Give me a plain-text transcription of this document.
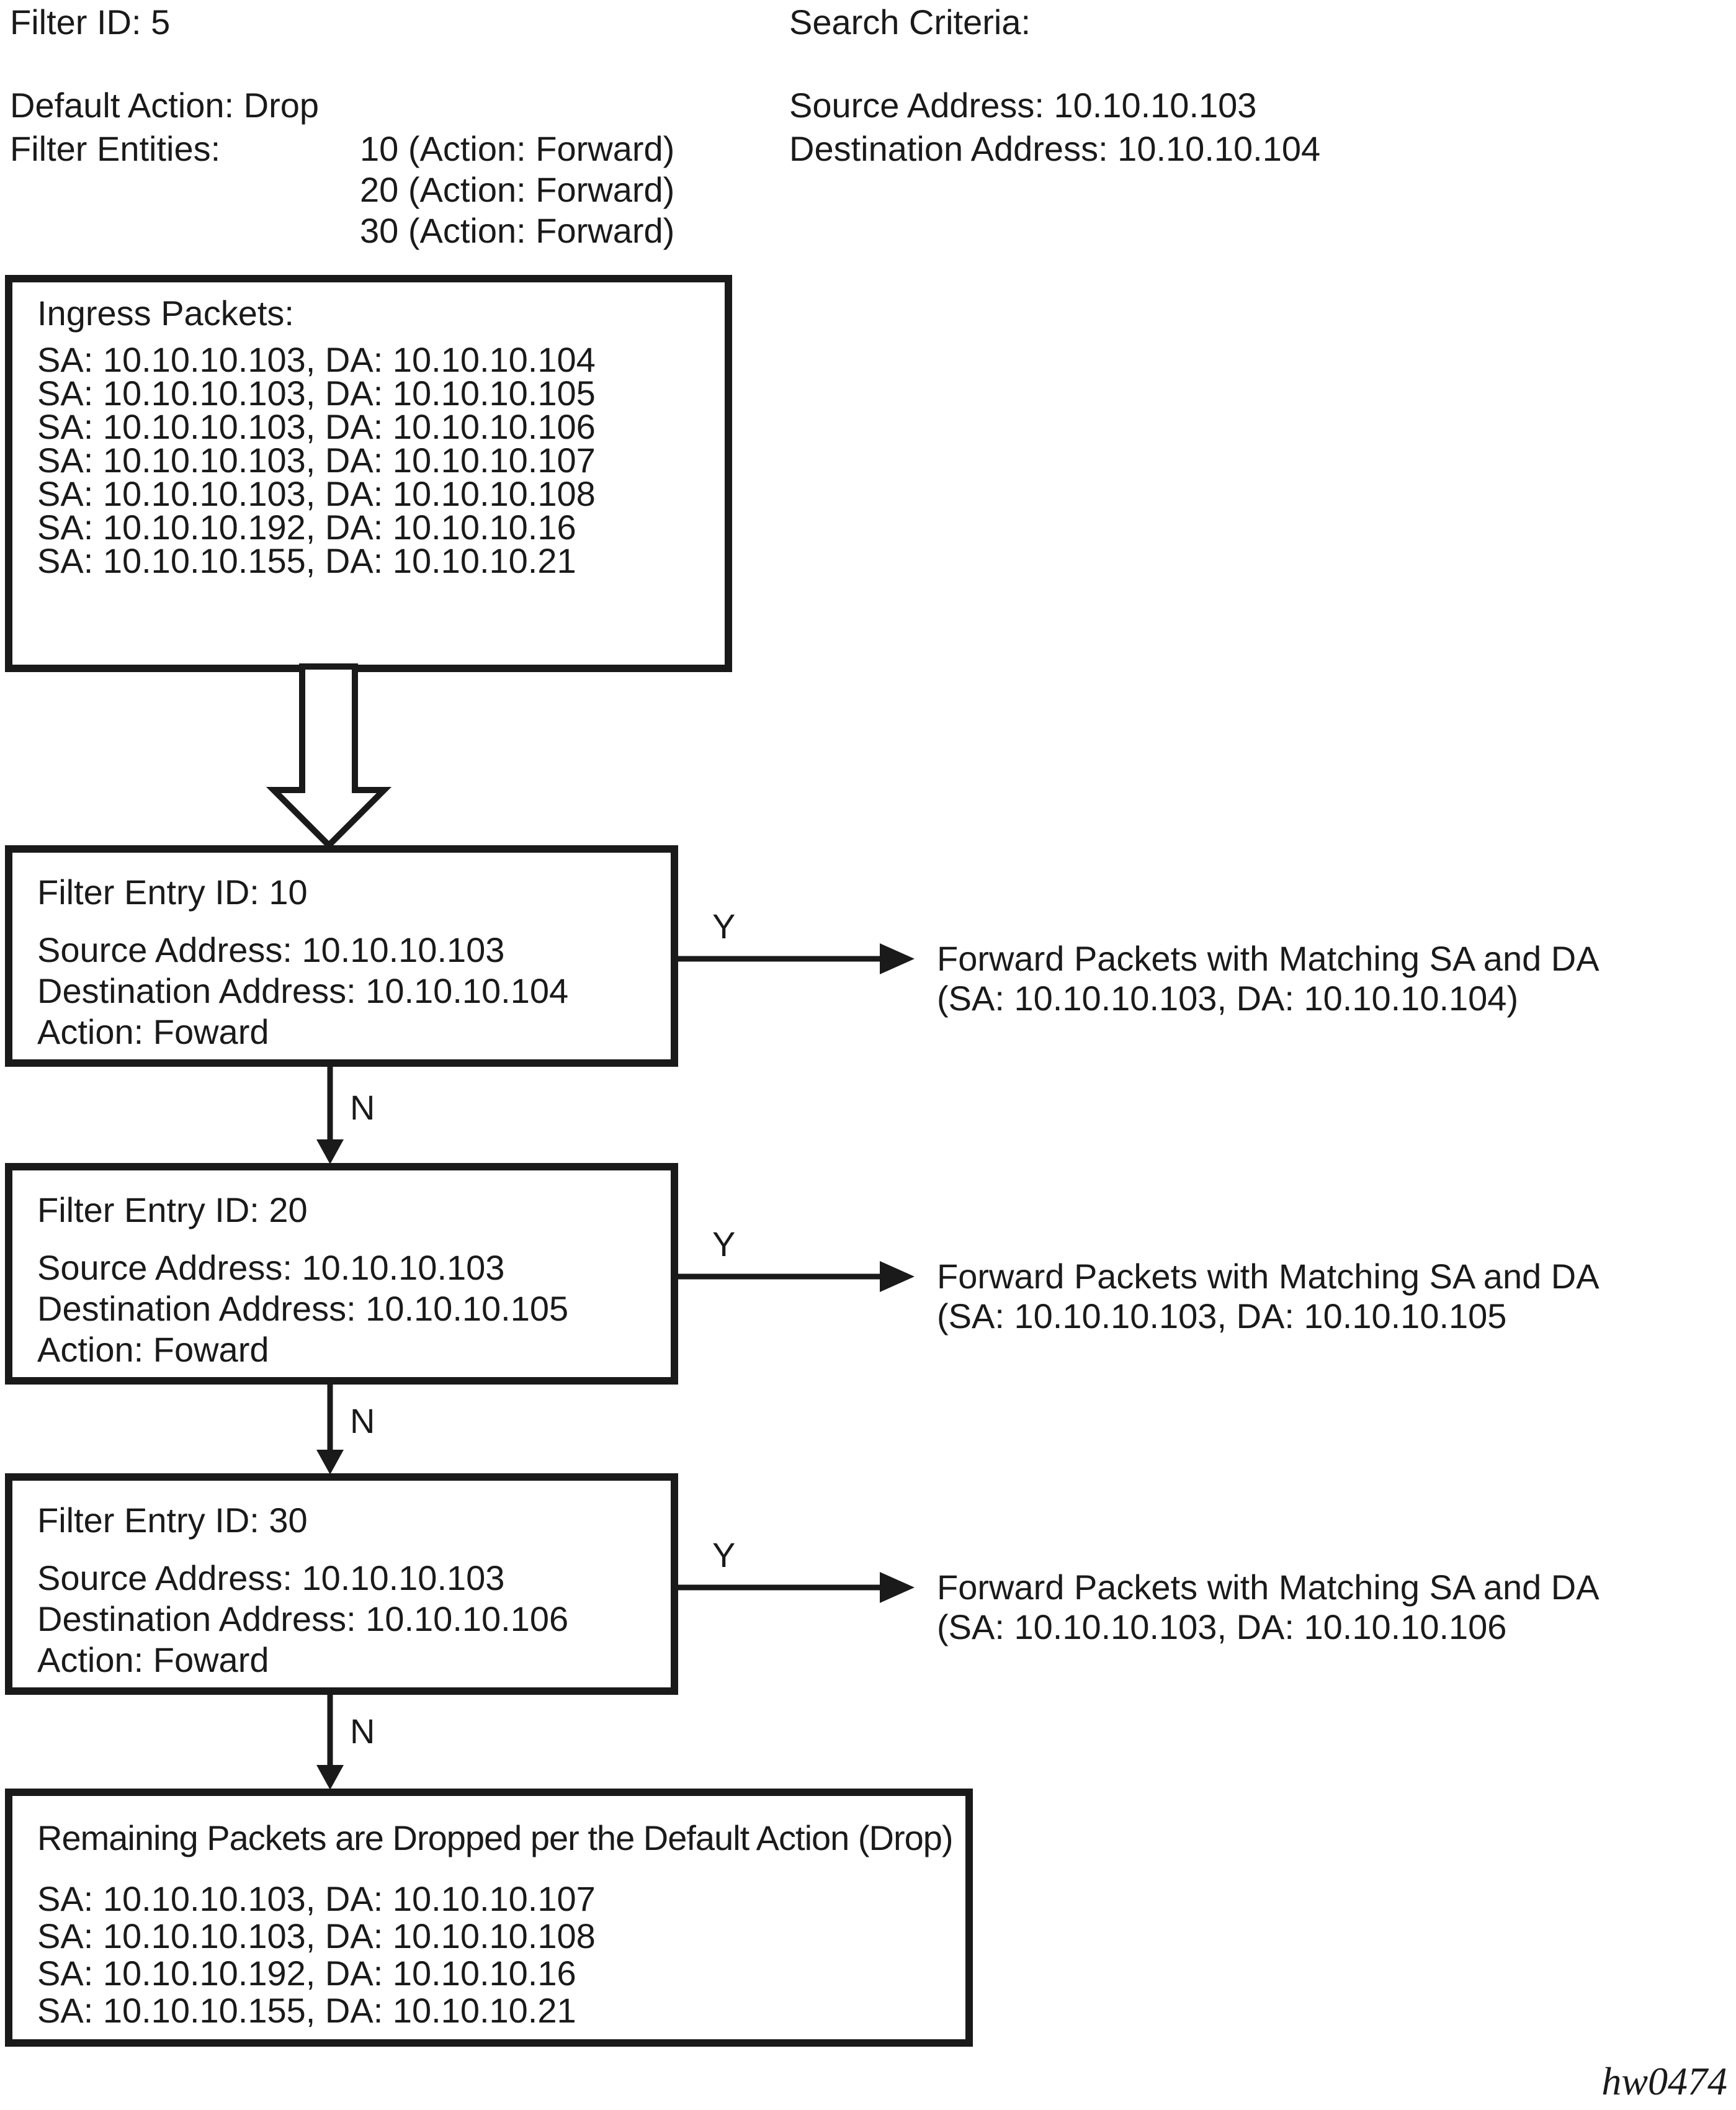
Filter ID: 5
Default Action: Drop
Filter Entities:	10 (Action: Forward)
20 (Action: Forward)
30 (Action: Forward)
Search Criteria:
Source Address: 10.10.10.103
Destination Address: 10.10.10.104
Ingress Packets:
SA: 10.10.10.103, DA: 10.10.10.104
SA: 10.10.10.103, DA: 10.10.10.105
SA: 10.10.10.103, DA: 10.10.10.106
SA: 10.10.10.103, DA: 10.10.10.107
SA: 10.10.10.103, DA: 10.10.10.108
SA: 10.10.10.192, DA: 10.10.10.16
SA: 10.10.10.155, DA: 10.10.10.21
Filter Entry ID: 10
Source Address: 10.10.10.103
Destination Address: 10.10.10.104
Action: Foward
Filter Entry ID: 20
Source Address: 10.10.10.103
Destination Address: 10.10.10.105
Action: Foward
Filter Entry ID: 30
Source Address: 10.10.10.103
Destination Address: 10.10.10.106
Action: Foward
Remaining Packets are Dropped per the Default Action (Drop)
SA: 10.10.10.103, DA: 10.10.10.107
SA: 10.10.10.103, DA: 10.10.10.108
SA: 10.10.10.192, DA: 10.10.10.16
SA: 10.10.10.155, DA: 10.10.10.21
Y
Y
Y
N
N
N
Forward Packets with Matching SA and DA
(SA: 10.10.10.103, DA: 10.10.10.104)
Forward Packets with Matching SA and DA
(SA: 10.10.10.103, DA: 10.10.10.105
Forward Packets with Matching SA and DA
(SA: 10.10.10.103, DA: 10.10.10.106
hw0474
